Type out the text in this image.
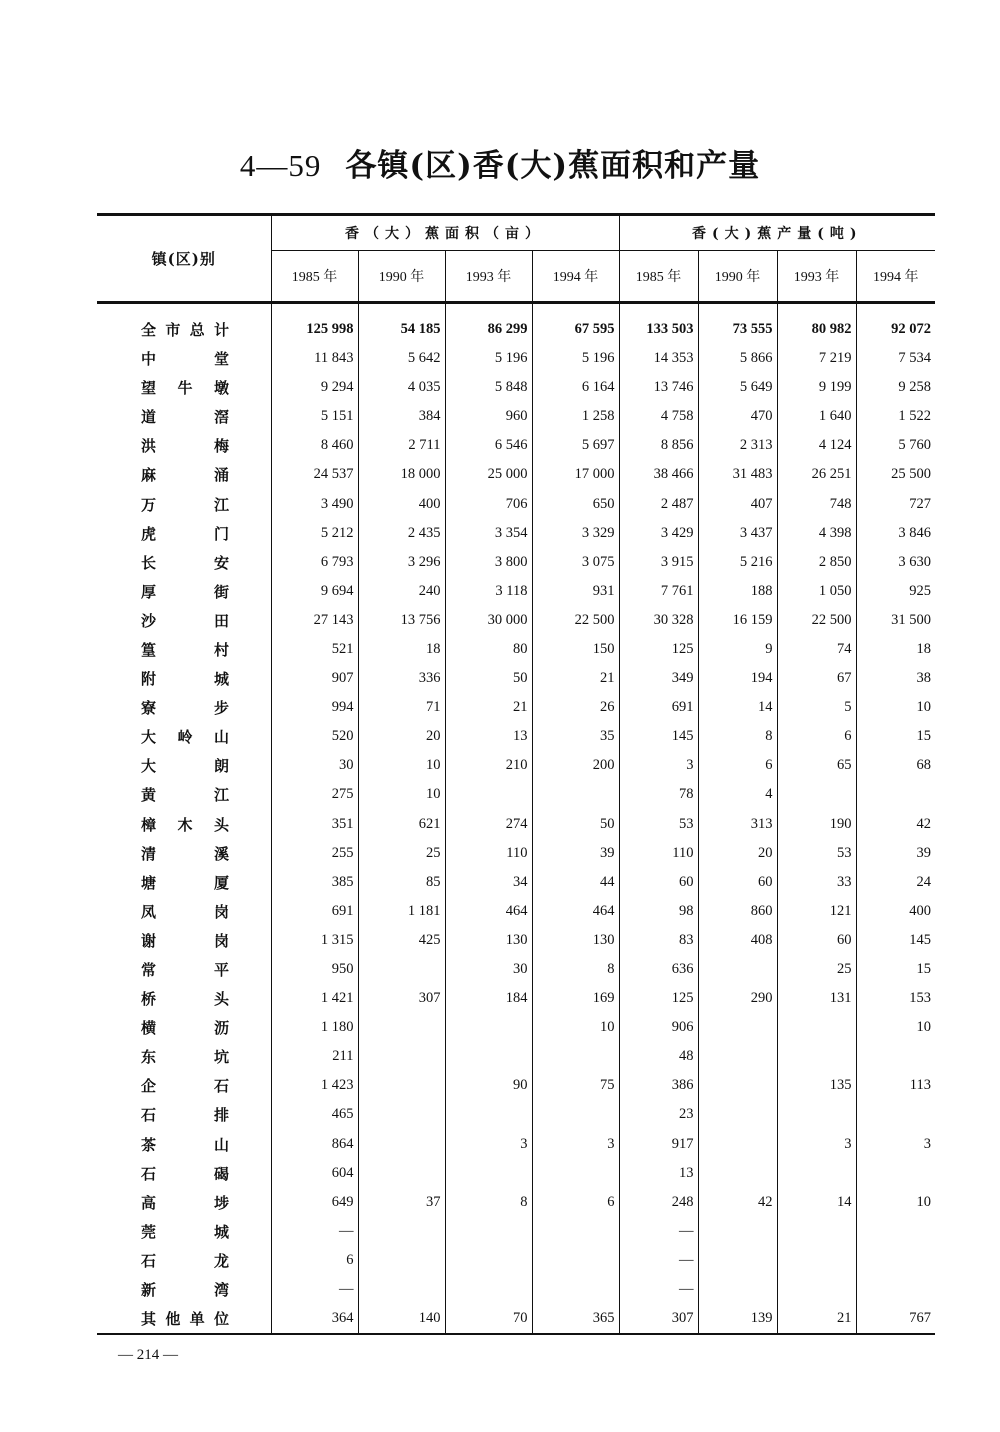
4—59 各镇(区)香(大)蕉面积和产量
镇(区)别	香（大）蕉面积（亩）				香(大)蕉产量(吨)			
	1985 年	1990 年	1993 年	1994 年	1985 年	1990 年	1993 年	1994 年
全市总计	125 998	54 185	86 299	67 595	133 503	73 555	80 982	92 072
中堂	11 843	5 642	5 196	5 196	14 353	5 866	7 219	7 534
望牛墩	9 294	4 035	5 848	6 164	13 746	5 649	9 199	9 258
道滘	5 151	384	960	1 258	4 758	470	1 640	1 522
洪梅	8 460	2 711	6 546	5 697	8 856	2 313	4 124	5 760
麻涌	24 537	18 000	25 000	17 000	38 466	31 483	26 251	25 500
万江	3 490	400	706	650	2 487	407	748	727
虎门	5 212	2 435	3 354	3 329	3 429	3 437	4 398	3 846
长安	6 793	3 296	3 800	3 075	3 915	5 216	2 850	3 630
厚街	9 694	240	3 118	931	7 761	188	1 050	925
沙田	27 143	13 756	30 000	22 500	30 328	16 159	22 500	31 500
篁村	521	18	80	150	125	9	74	18
附城	907	336	50	21	349	194	67	38
寮步	994	71	21	26	691	14	5	10
大岭山	520	20	13	35	145	8	6	15
大朗	30	10	210	200	3	6	65	68
黄江	275	10			78	4		
樟木头	351	621	274	50	53	313	190	42
清溪	255	25	110	39	110	20	53	39
塘厦	385	85	34	44	60	60	33	24
凤岗	691	1 181	464	464	98	860	121	400
谢岗	1 315	425	130	130	83	408	60	145
常平	950		30	8	636		25	15
桥头	1 421	307	184	169	125	290	131	153
横沥	1 180			10	906			10
东坑	211				48			
企石	1 423		90	75	386		135	113
石排	465				23			
茶山	864		3	3	917		3	3
石碣	604				13			
高埗	649	37	8	6	248	42	14	10
莞城	—				—			
石龙	6				—			
新湾	—				—			
其他单位	364	140	70	365	307	139	21	767
— 214 —
